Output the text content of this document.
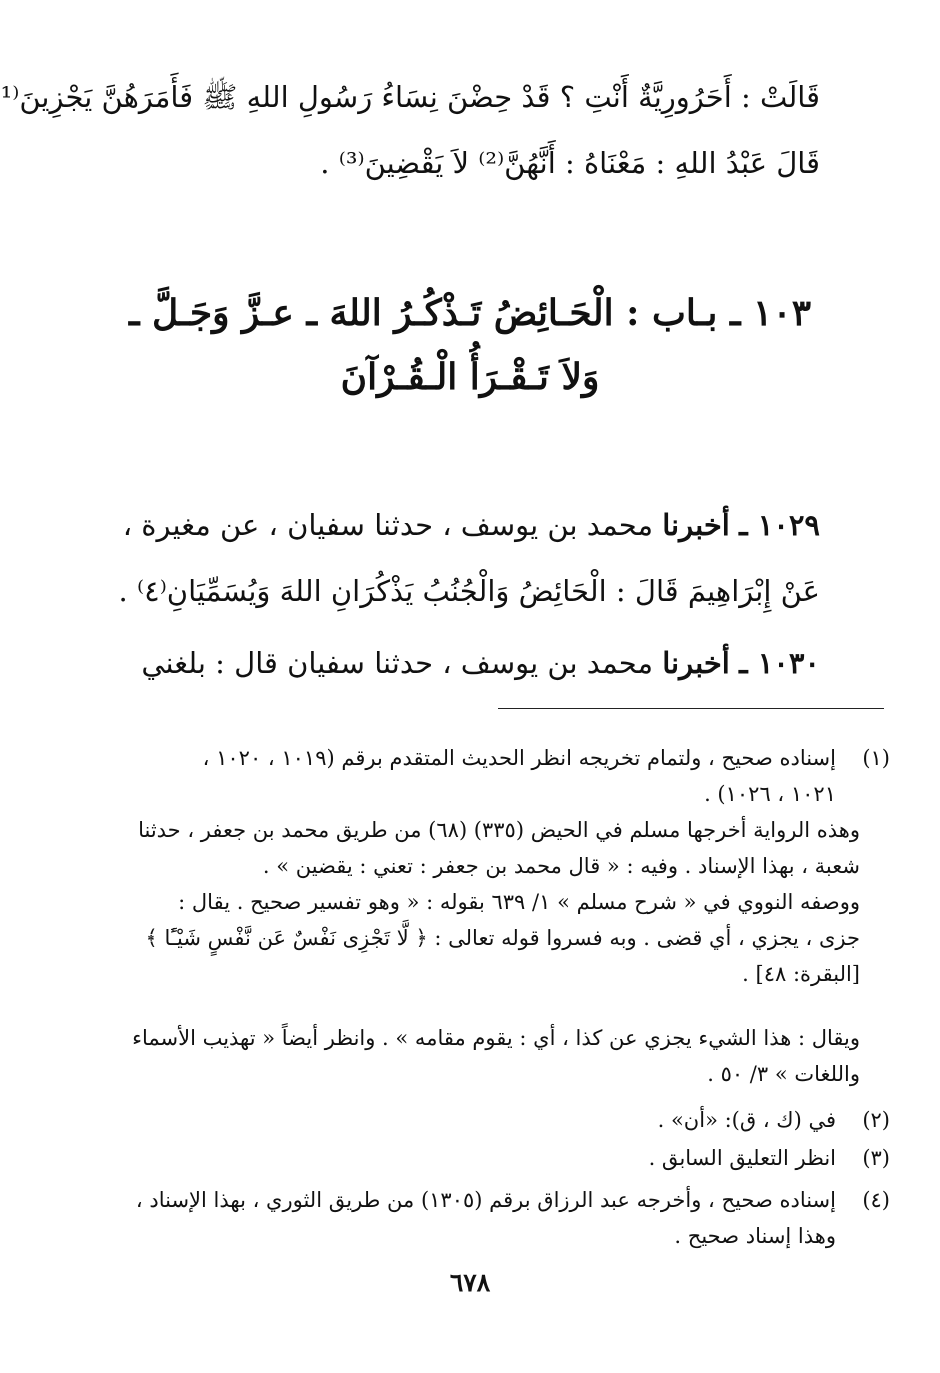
قَالَتْ : أَحَرُورِيَّةٌ أَنْتِ ؟ قَدْ حِضْنَ نِسَاءُ رَسُولِ اللهِ ﷺ فَأَمَرَهُنَّ يَجْزِينَ⁽¹
قَالَ عَبْدُ اللهِ : مَعْنَاهُ : أَنَّهُنَّ⁽²⁾ لاَ يَقْضِينَ⁽³⁾ .
١٠٣ ـ بـاب : الْحَـائِضُ تَـذْكُـرُ اللهَ ـ عـزَّ وَجَـلَّ ـ
وَلاَ تَـقْـرَأُ الْـقُـرْآنَ
١٠٢٩ ـ أخبرنا محمد بن يوسف ، حدثنا سفيان ، عن مغيرة ،
عَنْ إِبْرَاهِيمَ قَالَ : الْحَائِضُ وَالْجُنُبُ يَذْكُرَانِ اللهَ وَيُسَمِّيَانِ⁽٤⁾ .
١٠٣٠ ـ أخبرنا محمد بن يوسف ، حدثنا سفيان قال : بلغني
(١)
إسناده صحيح ، ولتمام تخريجه انظر الحديث المتقدم برقم (١٠١٩ ، ١٠٢٠ ،
١٠٢١ ، ١٠٢٦) .
وهذه الرواية أخرجها مسلم في الحيض (٣٣٥) (٦٨) من طريق محمد بن جعفر ، حدثنا
شعبة ، بهذا الإسناد . وفيه : « قال محمد بن جعفر : تعني : يقضين » .
ووصفه النووي في « شرح مسلم » ١/ ٦٣٩ بقوله : « وهو تفسير صحيح . يقال :
جزى ، يجزي ، أي قضى . وبه فسروا قوله تعالى : ﴿ لَّا تَجْزِى نَفْسٌ عَن نَّفْسٍ شَيْـًٔا ﴾
[البقرة: ٤٨] .
ويقال : هذا الشيء يجزي عن كذا ، أي : يقوم مقامه » . وانظر أيضاً « تهذيب الأسماء
واللغات » ٣/ ٥٠ .
(٢)
في (ك ، ق): «أن» .
(٣)
انظر التعليق السابق .
(٤)
إسناده صحيح ، وأخرجه عبد الرزاق برقم (١٣٠٥) من طريق الثوري ، بهذا الإسناد ،
وهذا إسناد صحيح .
٦٧٨
